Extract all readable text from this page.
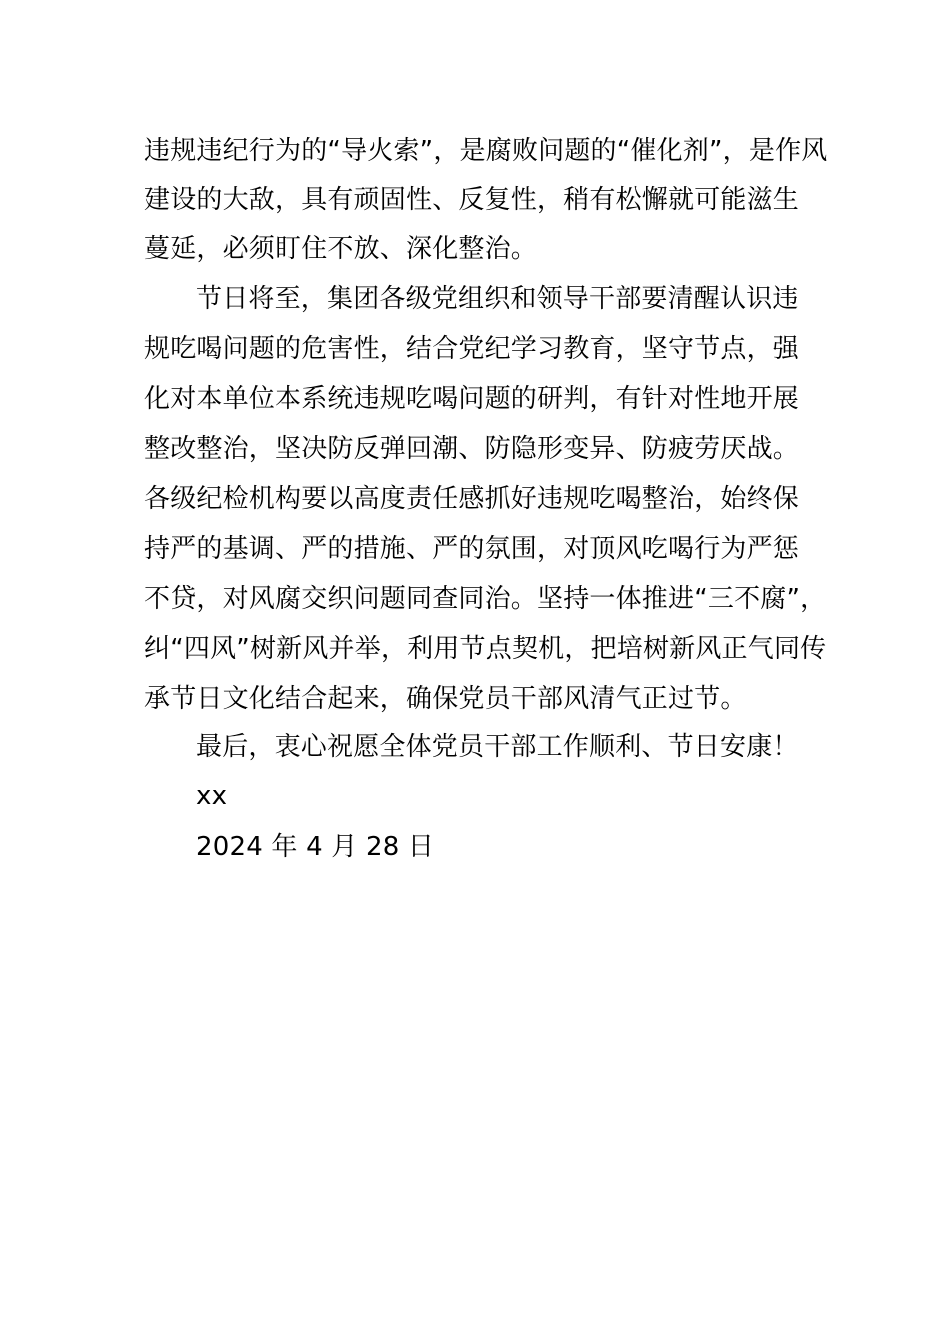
违规违纪行为的“导火索”，是腐败问题的“催化剂”，是作风
建设的大敌，具有顽固性、反复性，稍有松懈就可能滋生
蔓延，必须盯住不放、深化整治。
节日将至，集团各级党组织和领导干部要清醒认识违
规吃喝问题的危害性，结合党纪学习教育，坚守节点，强
化对本单位本系统违规吃喝问题的研判，有针对性地开展
整改整治，坚决防反弹回潮、防隐形变异、防疲劳厌战。
各级纪检机构要以高度责任感抓好违规吃喝整治，始终保
持严的基调、严的措施、严的氛围，对顶风吃喝行为严惩
不贷，对风腐交织问题同查同治。坚持一体推进“三不腐”，
纠“四风”树新风并举，利用节点契机，把培树新风正气同传
承节日文化结合起来，确保党员干部风清气正过节。
最后，衷心祝愿全体党员干部工作顺利、节日安康！
xx
2024 年 4 月 28 日
